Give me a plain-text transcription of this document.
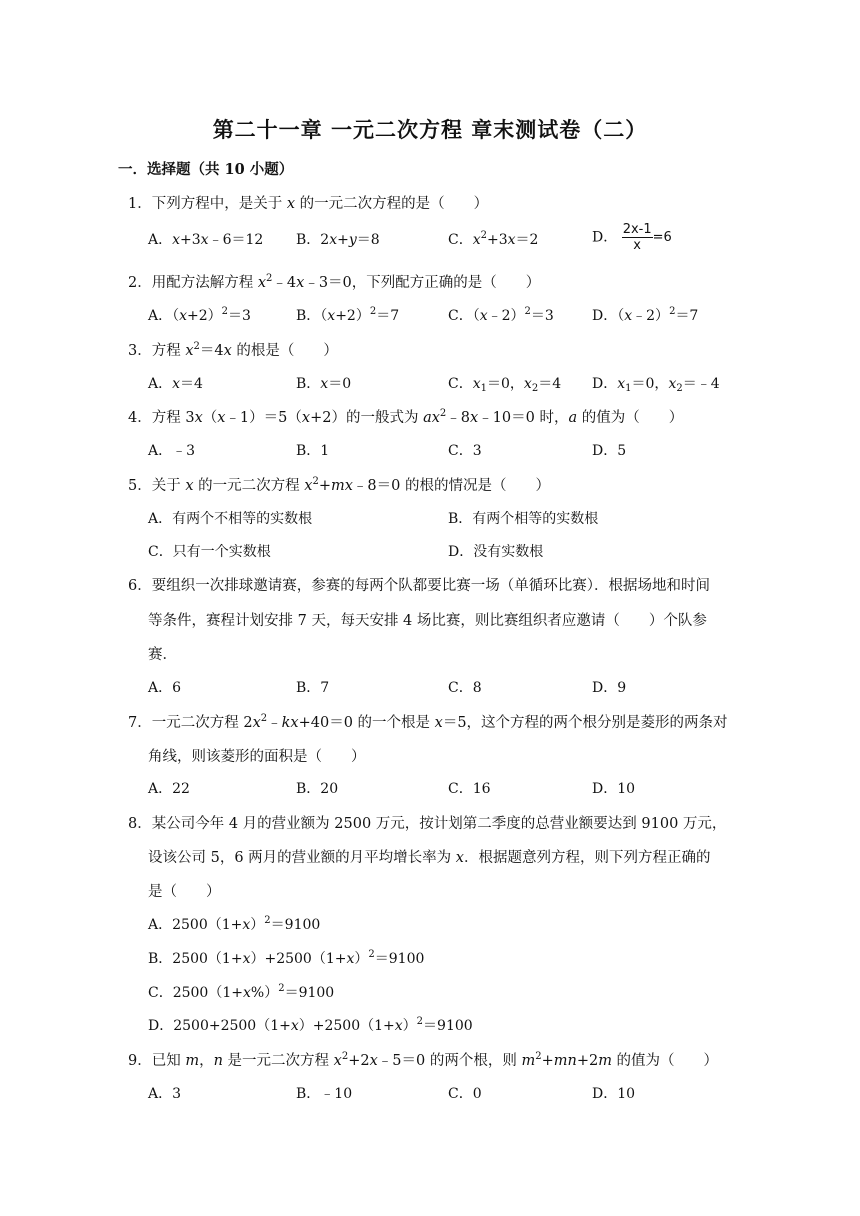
第二十一章 一元二次方程 章末测试卷（二）
一．选择题（共 10 小题）
1．下列方程中，是关于 x 的一元二次方程的是（　　）
A．x+3x﹣6＝12 B．2x+y＝8	C．$x^2+3x=2$	D． $\frac{2x-1}{x} =6$
2．用配方法解方程 $x^2﹣4x﹣3=0$，下列配方正确的是（　　）
A．$(x+2)^2=3$	B．$(x+2)^2=7$	C．（x﹣2）$^2$＝3	D．（x﹣2）$^2$＝7
3．方程 $x^2=4x$ 的根是（　　）
A．x＝4	B．x＝0	C．$x_1=0$，$x_2=4$ D．$x_1=0$，$x_2=﹣4$
4．方程 3x（x﹣1）＝5（x+2）的一般式为 $ax^2﹣8x﹣10=0$ 时，a 的值为（　　）
A．﹣3	B．1	C．3	D．5
5．关于 x 的一元二次方程 $x^2+mx﹣8=0$ 的根的情况是（　　）
A．有两个不相等的实数根	B．有两个相等的实数根
C．只有一个实数根	D．没有实数根
6．要组织一次排球邀请赛，参赛的每两个队都要比赛一场（单循环比赛）．根据场地和时间
等条件，赛程计划安排 7 天，每天安排 4 场比赛，则比赛组织者应邀请（　　）个队参
赛．
A．6	B．7	C．8	D．9
7．一元二次方程 $2x^2﹣kx+40=0$ 的一个根是 x＝5，这个方程的两个根分别是菱形的两条对
角线，则该菱形的面积是（　　）
A．22	B．20	C．16	D．10
8．某公司今年 4 月的营业额为 2500 万元，按计划第二季度的总营业额要达到 9100 万元，
设该公司 5，6 两月的营业额的月平均增长率为 x．根据题意列方程，则下列方程正确的
是（　　）
A．$2500(1+x)^2=9100$
B．$2500(1+x)+2500(1+x)^2=9100$
C．$2500(1+x\%)^2=9100$
D．$2500+2500(1+x)+2500(1+x)^2=9100$
9．已知 m，n 是一元二次方程 $x^2+2x﹣5=0$ 的两个根，则 $m^2+mn+2m$ 的值为（　　）
A．3	B．﹣10	C．0	D．10
